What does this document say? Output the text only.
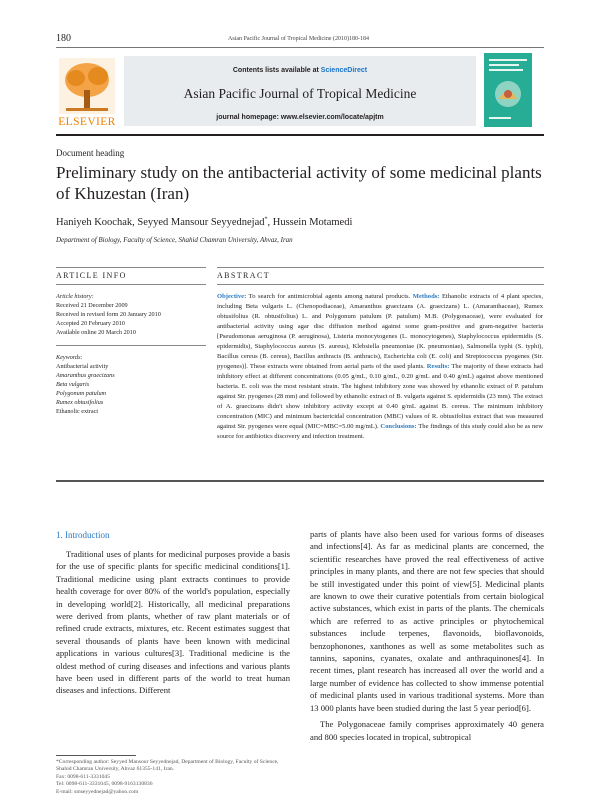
180	Asian Pacific Journal of Tropical Medicine (2010)180-184
ELSEVIER
Contents lists available at ScienceDirect
Asian Pacific Journal of Tropical Medicine
journal homepage: www.elsevier.com/locate/apjtm
Document heading
Preliminary study on the antibacterial activity of some medicinal plants of Khuzestan (Iran)
Haniyeh Koochak, Seyyed Mansour Seyyednejad*, Hussein Motamedi
Department of Biology, Faculty of Science, Shahid Chamran University, Ahvaz, Iran
ARTICLE INFO
Article history:
Received 21 December 2009
Received in revised form 20 January 2010
Accepted 20 February 2010
Available online 20 March 2010
Keywords:
Antibacterial activity
Amaranthus graecizans
Beta vulgaris
Polygonum patulum
Rumex obtusifolius
Ethanolic extract
ABSTRACT
Objective: To search for antimicrobial agents among natural products. Methods: Ethanolic extracts of 4 plant species, including Beta vulgaris L. (Chenopodiaceae), Amaranthus graecizans (A. graecizans) L. (Amaranthaceae), Rumex obtusifolius (R. obtusifolius) L. and Polygonum patulum (P. patulum) M.B. (Polygonaceae), were evaluated for antibacterial activity using agar disc diffusion method against some gram-positive and gram-negative bacteria [Pseudomonas aeruginosa (P. aeruginosa), Listeria monocytogenes (L. monocytogenes), Staphylococcus epidermidis (S. epidermidis), Staphylococcus aureus (S. aureus), Klebsiella pneumoniae (K. pneumoniae), Salmonella typhi (S. typhi), Bacillus cereus (B. cereus), Bacillus anthracis (B. anthracis), Escherichia coli (E. coli) and Streptococcus pyogenes (Str. pyogenes)]. These extracts were obtained from aerial parts of the used plants. Results: The majority of these extracts had inhibitory effect at different concentrations (0.05 g/mL, 0.10 g/mL, 0.20 g/mL and 0.40 g/mL) against above mentioned bacteria. E. coli was the most resistant strain. The highest inhibitory zone was showed by ethanolic extract of P. patulum against Str. pyogenes (28 mm) and followed by ethanolic extract of B. vulgaris against S. epidermidis (23 mm). The extract of A. graecizans didn't show inhibitory activity except at 0.40 g/mL against B. cereus. The minimum inhibitory concentration (MIC) and minimum bactericidal concentration (MBC) values of R. obtusifolius extract that was measured against Str. pyogenes were equal (MIC=MBC=5.00 mg/mL). Conclusions: The findings of this study could also be as new source for antibiotics discovery and infection treatment.
1. Introduction

Traditional uses of plants for medicinal purposes provide a basis for the use of specific plants for specific medicinal conditions[1]. Traditional medicine using plant extracts continues to provide health coverage for over 80% of the world's population, especially in developing world[2]. Historically, all medicinal preparations were derived from plants, whether of raw plant materials or of refined crude extracts, mixtures, etc. Recent estimates suggest that several thousands of plants have been known with medicinal applications in various cultures[3]. Traditional medicine is the oldest method of curing diseases and infections and various plants have been used in different parts of the world to treat human diseases and infections. Different

*Corresponding author: Seyyed Mansour Seyyednejad, Department of Biology, Faculty of Science, Shahid Chamran University, Ahvaz 61355-141, Iran.
Fax: 0098-611-3331045
Tel: 0098-611-3331045, 0098-9163130836
E-mail: smseyyednejad@yahoo.com

parts of plants have also been used for various forms of diseases and infections[4]. As far as medicinal plants are concerned, the scientific researches have proved the real effectiveness of active principles in many plants, and there are not few species that should be still investigated under this point of view[5]. Medicinal plants are known to owe their curative potentials from certain biological active substances, which exist in parts of the plants. The chemicals which are referred to as active principles or phytochemical substances include terpenes, flavonoids, bioflavonoids, benzophonones, xanthones as well as some metabolites such as tannins, saponins, cyanates, oxalate and anthraquinones[4]. In recent times, plant research has increased all over the world and a large number of evidence has collected to show immense potential of medicinal plants used in various traditional systems. More than 13 000 plants have been studied during the last 5 year period[6].

The Polygonaceae family comprises approximately 40 genera and 800 species located in tropical, subtropical
